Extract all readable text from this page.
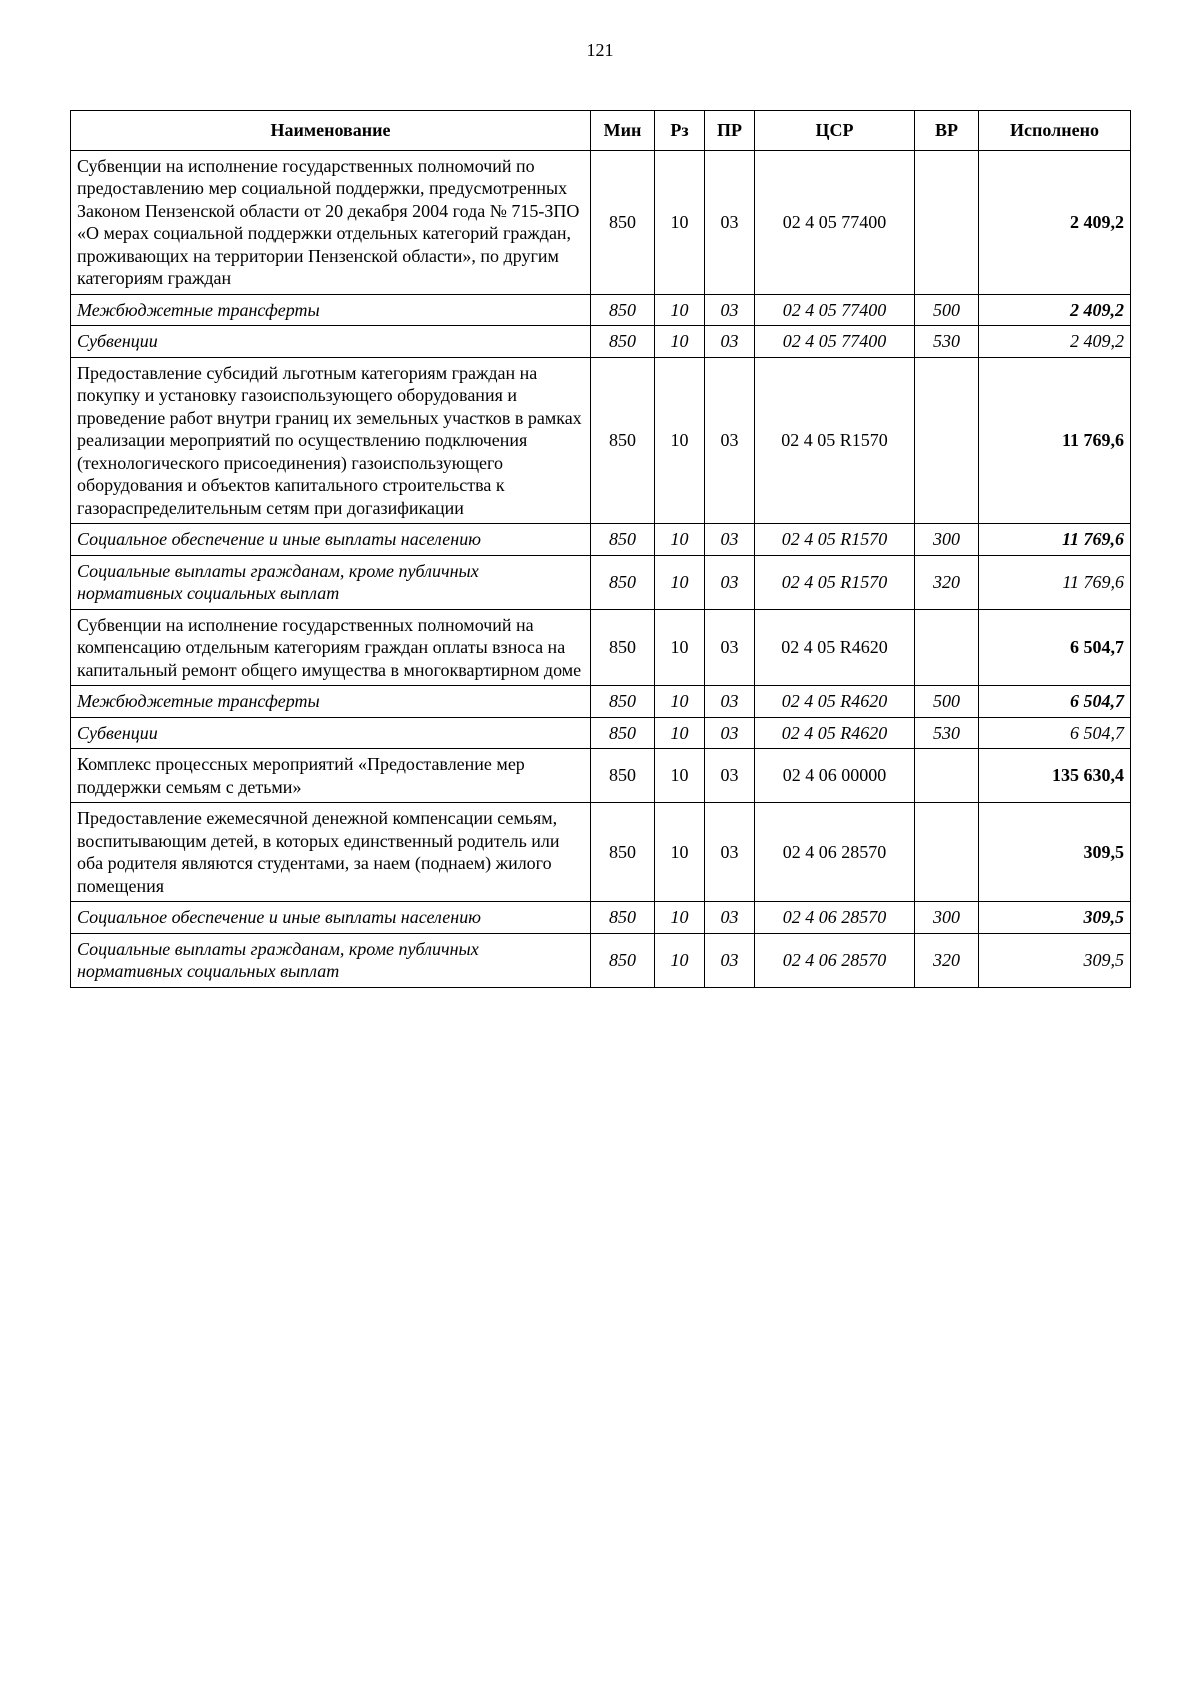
121
Наименование	Мин	Рз	ПР	ЦСР	ВР	Исполнено
Субвенции на исполнение государственных полномочий по предоставлению мер социальной поддержки, предусмотренных Законом Пензенской области от 20 декабря 2004 года № 715-ЗПО «О мерах социальной поддержки отдельных категорий граждан, проживающих на территории Пензенской области», по другим категориям граждан	850	10	03	02 4 05 77400		2 409,2
Межбюджетные трансферты	850	10	03	02 4 05 77400	500	2 409,2
Субвенции	850	10	03	02 4 05 77400	530	2 409,2
Предоставление субсидий льготным категориям граждан на покупку и установку газоиспользующего оборудования и проведение работ внутри границ их земельных участков в рамках реализации мероприятий по осуществлению подключения (технологического присоединения) газоиспользующего оборудования и объектов капитального строительства к газораспределительным сетям при догазификации	850	10	03	02 4 05 R1570		11 769,6
Социальное обеспечение и иные выплаты населению	850	10	03	02 4 05 R1570	300	11 769,6
Социальные выплаты гражданам, кроме публичных нормативных социальных выплат	850	10	03	02 4 05 R1570	320	11 769,6
Субвенции на исполнение государственных полномочий на компенсацию отдельным категориям граждан оплаты взноса на капитальный ремонт общего имущества в многоквартирном доме	850	10	03	02 4 05 R4620		6 504,7
Межбюджетные трансферты	850	10	03	02 4 05 R4620	500	6 504,7
Субвенции	850	10	03	02 4 05 R4620	530	6 504,7
Комплекс процессных мероприятий «Предоставление мер поддержки семьям с детьми»	850	10	03	02 4 06 00000		135 630,4
Предоставление ежемесячной денежной компенсации семьям, воспитывающим детей, в которых единственный родитель или оба родителя являются студентами, за наем (поднаем) жилого помещения	850	10	03	02 4 06 28570		309,5
Социальное обеспечение и иные выплаты населению	850	10	03	02 4 06 28570	300	309,5
Социальные выплаты гражданам, кроме публичных нормативных социальных выплат	850	10	03	02 4 06 28570	320	309,5
